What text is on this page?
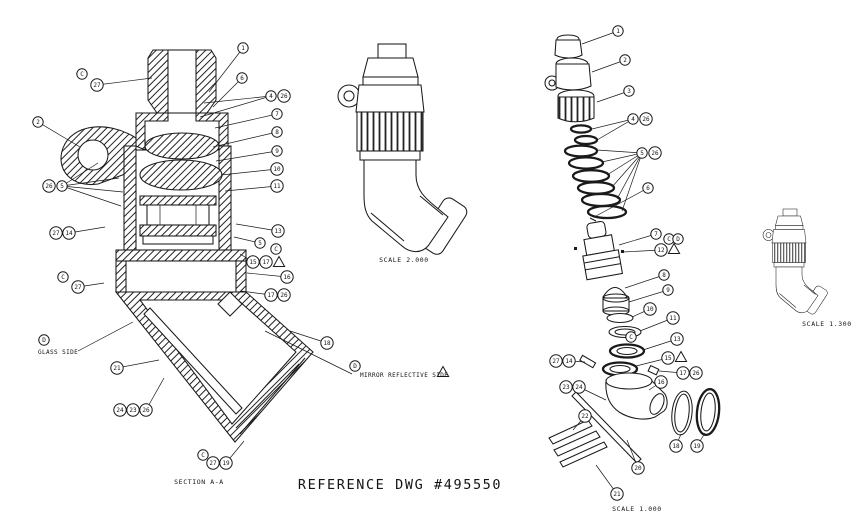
C
27
2
1
6
4 26
7
8
9
10
11
13
5
C
15 17
16
17 26
18
26 5
27 14
C
27
D
21
24 23 26
C
27 19
D
1
2
3
4 26
5 26
6
7
C D
12
8
9
10
11
C	13
27 14	15
17 26
16
23 24
22
20
18 19
21
GLASS SIDE
MIRROR REFLECTIVE SIDE
SECTION A-A
SCALE 2.000
SCALE 1.000
SCALE 1.300
REFERENCE DWG #495550
